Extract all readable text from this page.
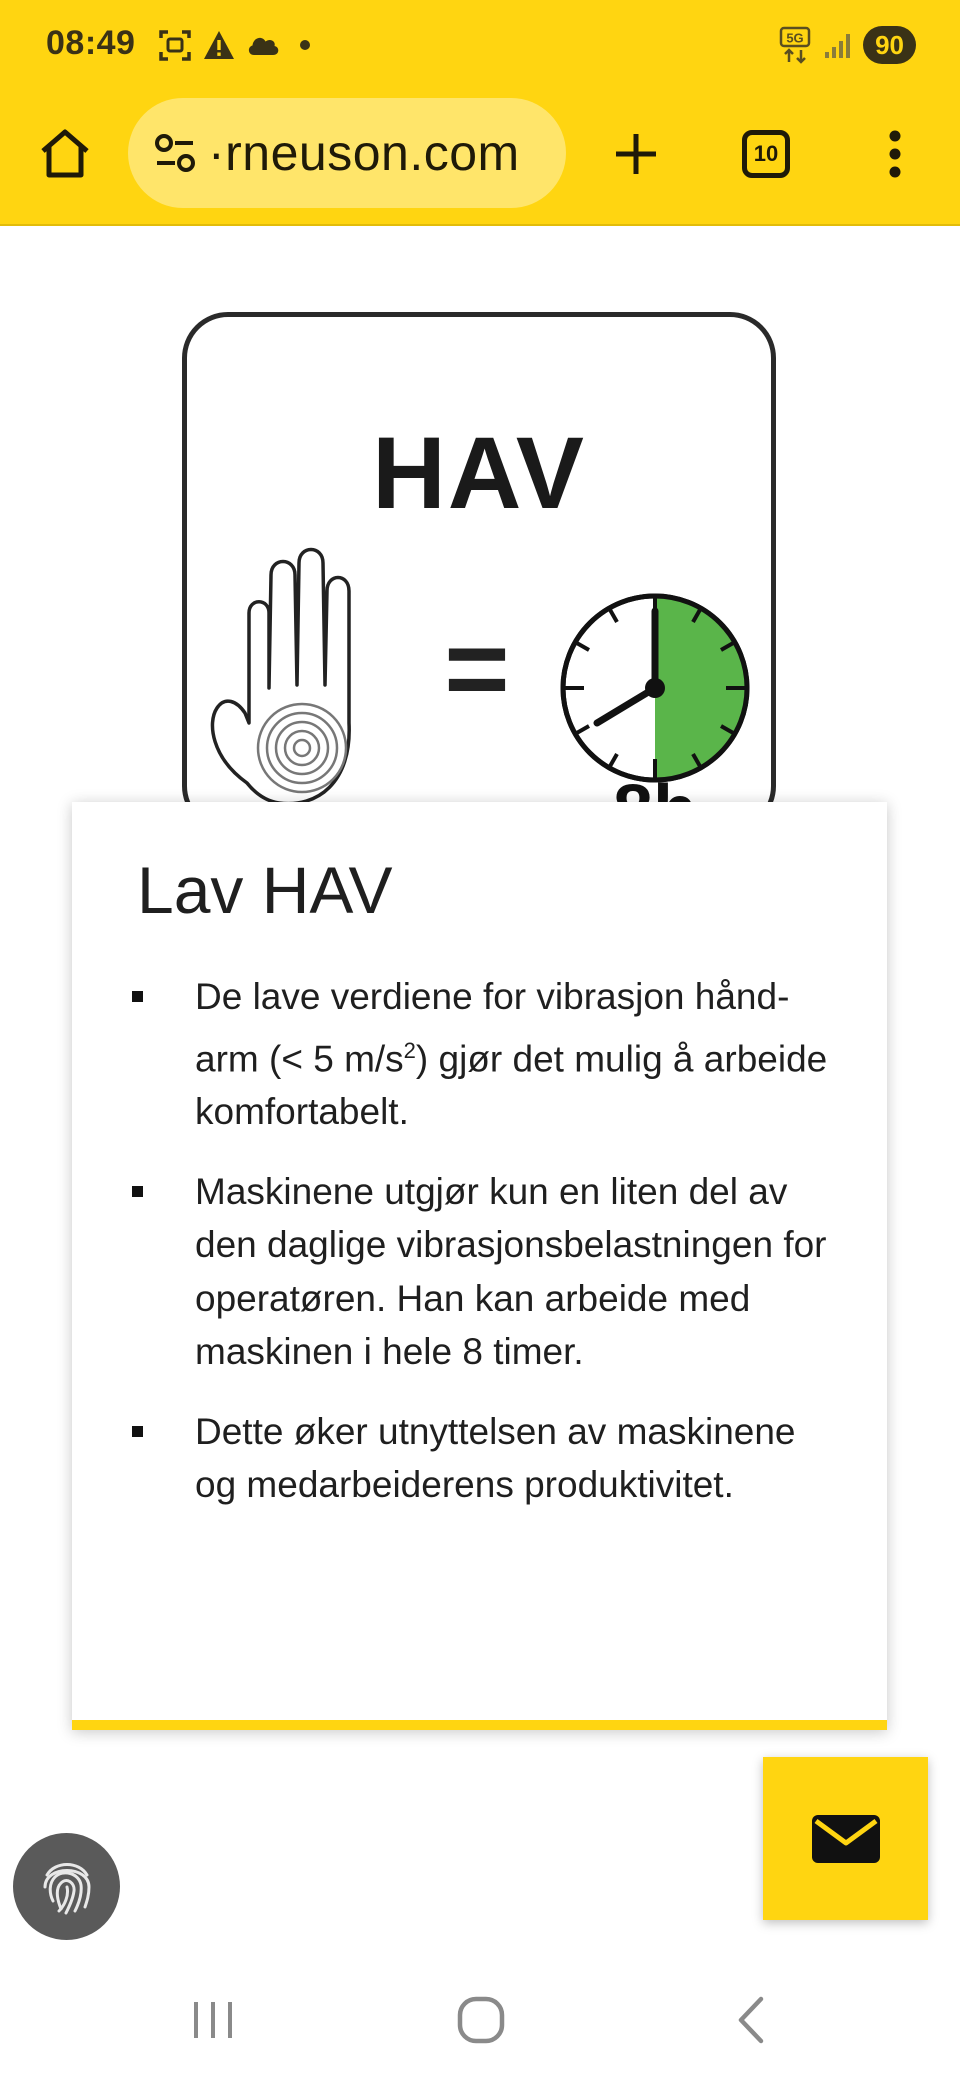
08:49	5G	90
·rneuson.com	10
HAV
=
Lav HAV
De lave verdiene for vibrasjon hånd-arm (< 5 $m/s^2$) gjør det mulig å arbeide komfortabelt.
Maskinene utgjør kun en liten del av den daglige vibrasjonsbelastningen for operatøren. Han kan arbeide med maskinen i hele 8 timer.
Dette øker utnyttelsen av maskinene og medarbeiderens produktivitet.
